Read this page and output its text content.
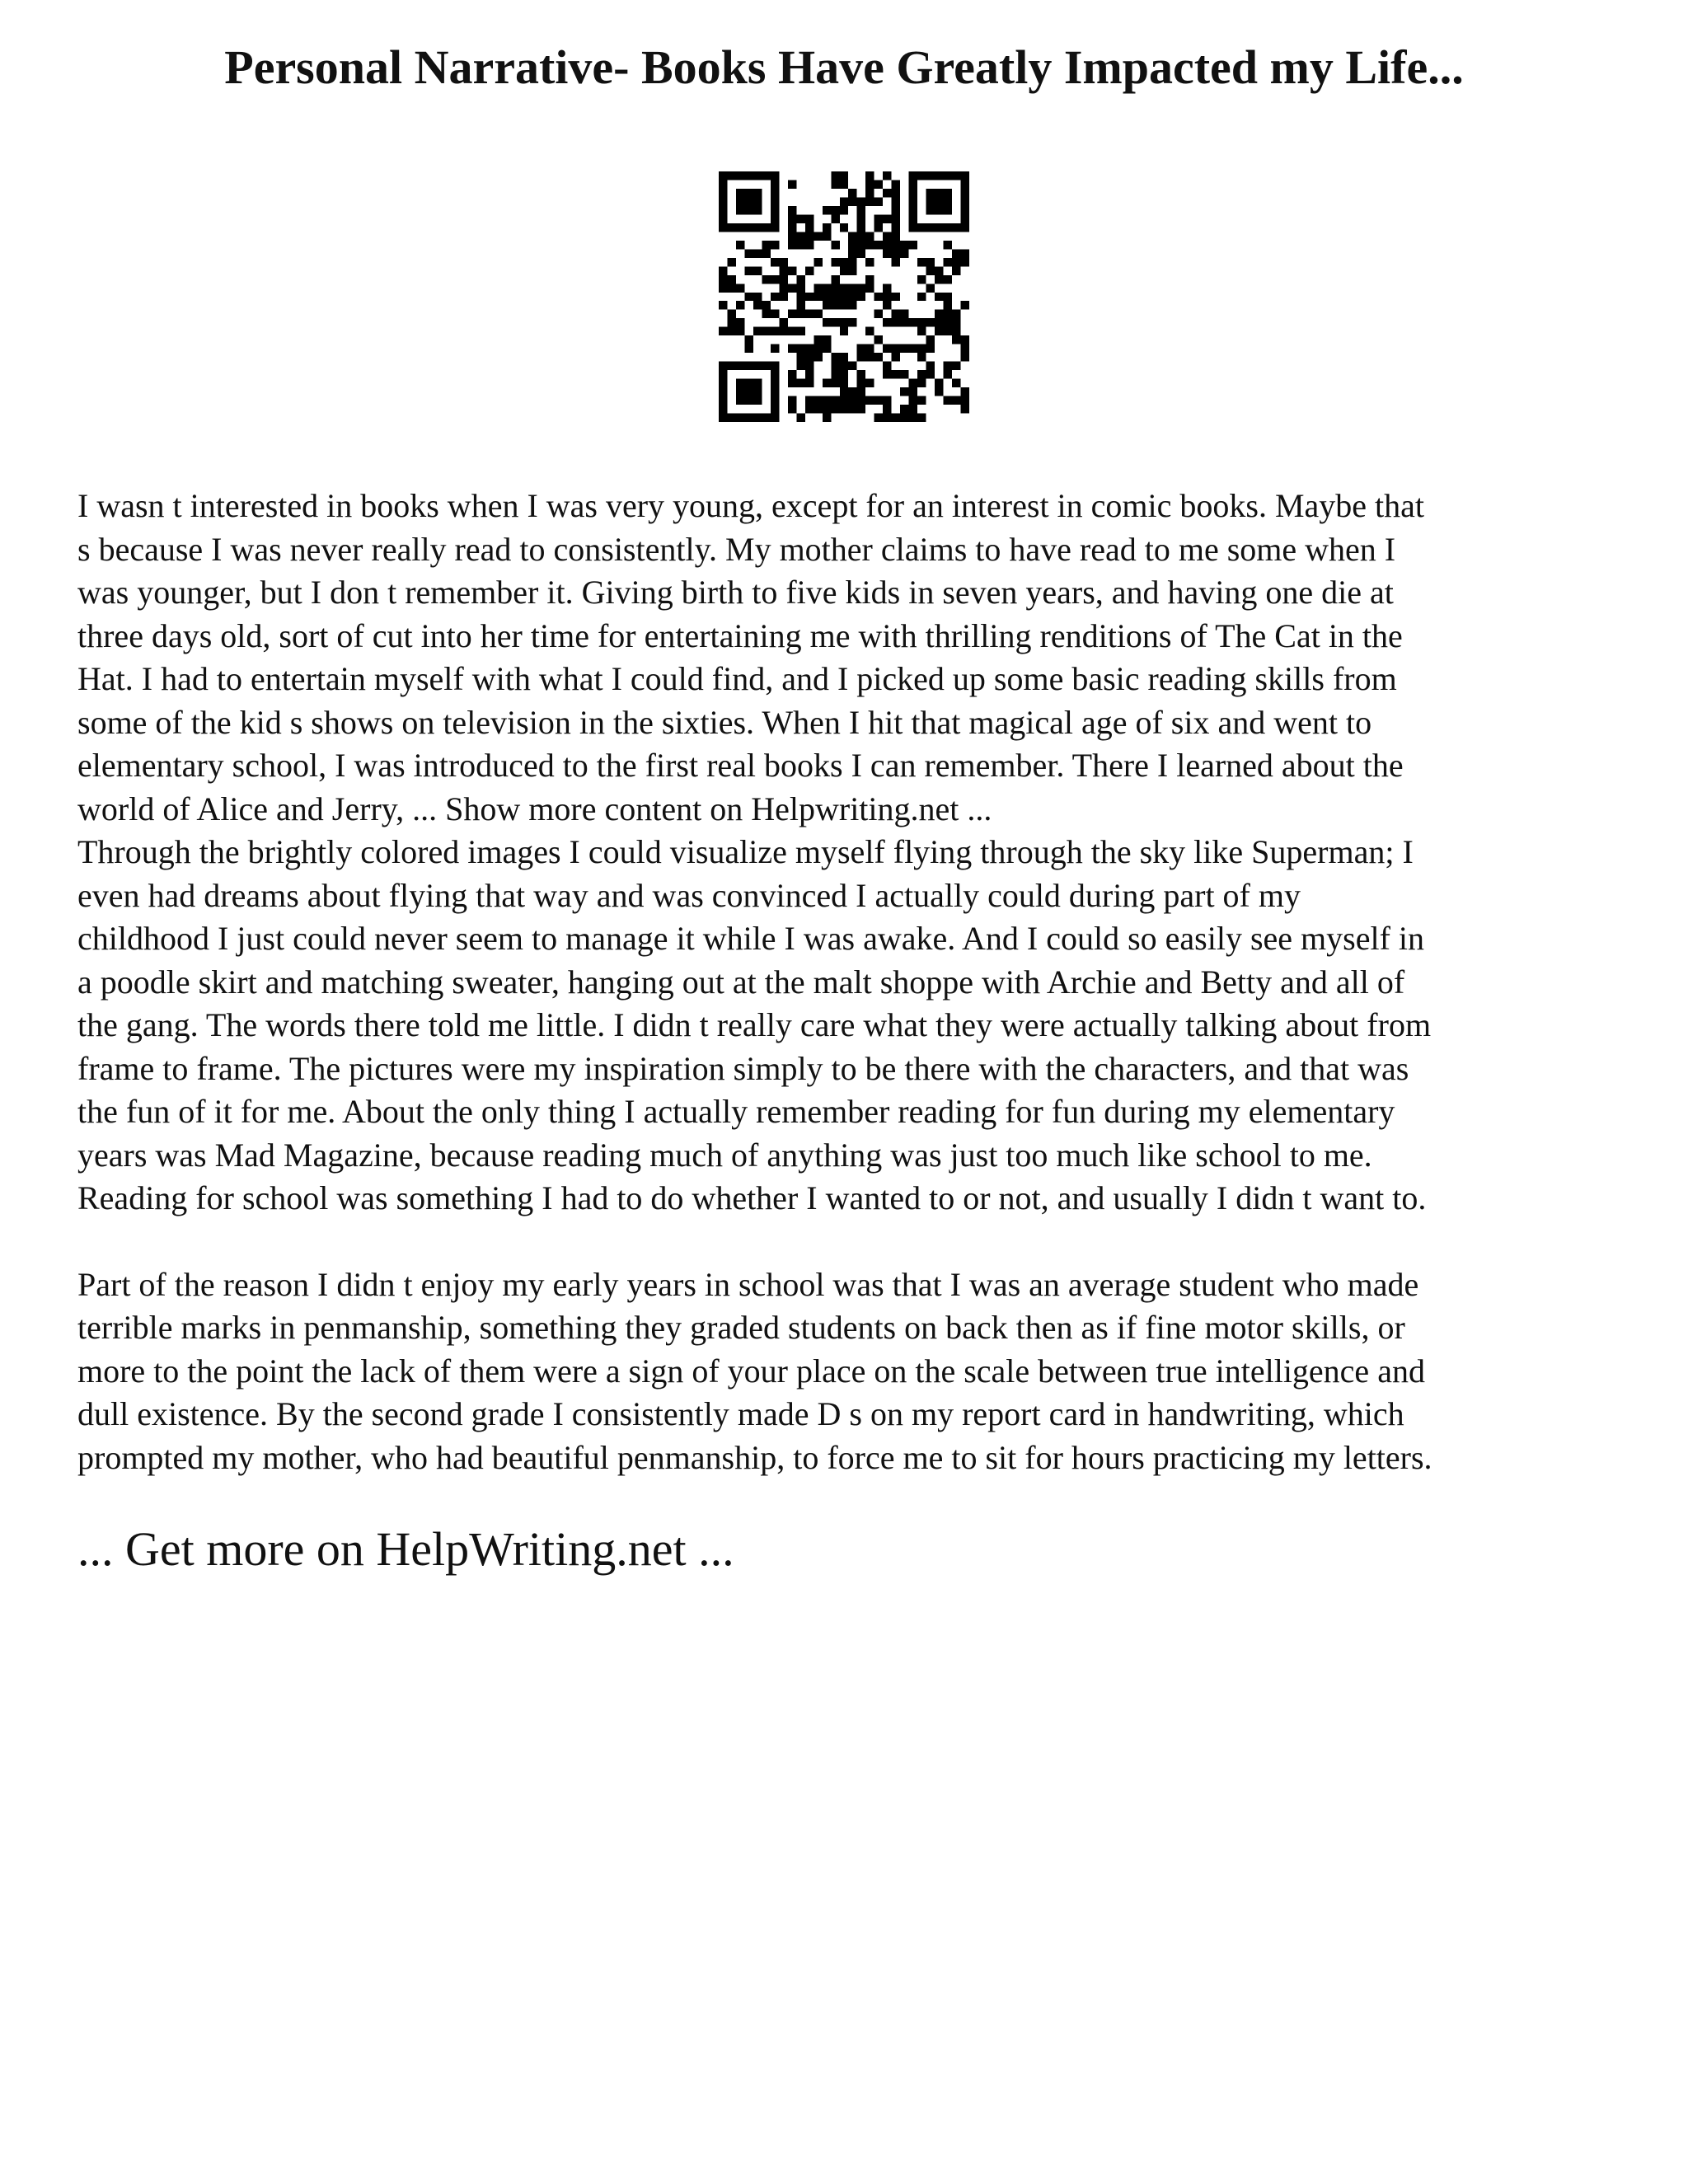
Personal Narrative- Books Have Greatly Impacted my Life...

I wasn t interested in books when I was very young, except for an interest in comic books. Maybe that
s because I was never really read to consistently. My mother claims to have read to me some when I
was younger, but I don t remember it. Giving birth to five kids in seven years, and having one die at
three days old, sort of cut into her time for entertaining me with thrilling renditions of The Cat in the
Hat. I had to entertain myself with what I could find, and I picked up some basic reading skills from
some of the kid s shows on television in the sixties. When I hit that magical age of six and went to
elementary school, I was introduced to the first real books I can remember. There I learned about the
world of Alice and Jerry, ... Show more content on Helpwriting.net ...

Through the brightly colored images I could visualize myself flying through the sky like Superman; I
even had dreams about flying that way and was convinced I actually could during part of my
childhood I just could never seem to manage it while I was awake. And I could so easily see myself in
a poodle skirt and matching sweater, hanging out at the malt shoppe with Archie and Betty and all of
the gang. The words there told me little. I didn t really care what they were actually talking about from
frame to frame. The pictures were my inspiration simply to be there with the characters, and that was
the fun of it for me. About the only thing I actually remember reading for fun during my elementary
years was Mad Magazine, because reading much of anything was just too much like school to me.
Reading for school was something I had to do whether I wanted to or not, and usually I didn t want to.

Part of the reason I didn t enjoy my early years in school was that I was an average student who made
terrible marks in penmanship, something they graded students on back then as if fine motor skills, or
more to the point the lack of them were a sign of your place on the scale between true intelligence and
dull existence. By the second grade I consistently made D s on my report card in handwriting, which
prompted my mother, who had beautiful penmanship, to force me to sit for hours practicing my letters.

... Get more on HelpWriting.net ...
